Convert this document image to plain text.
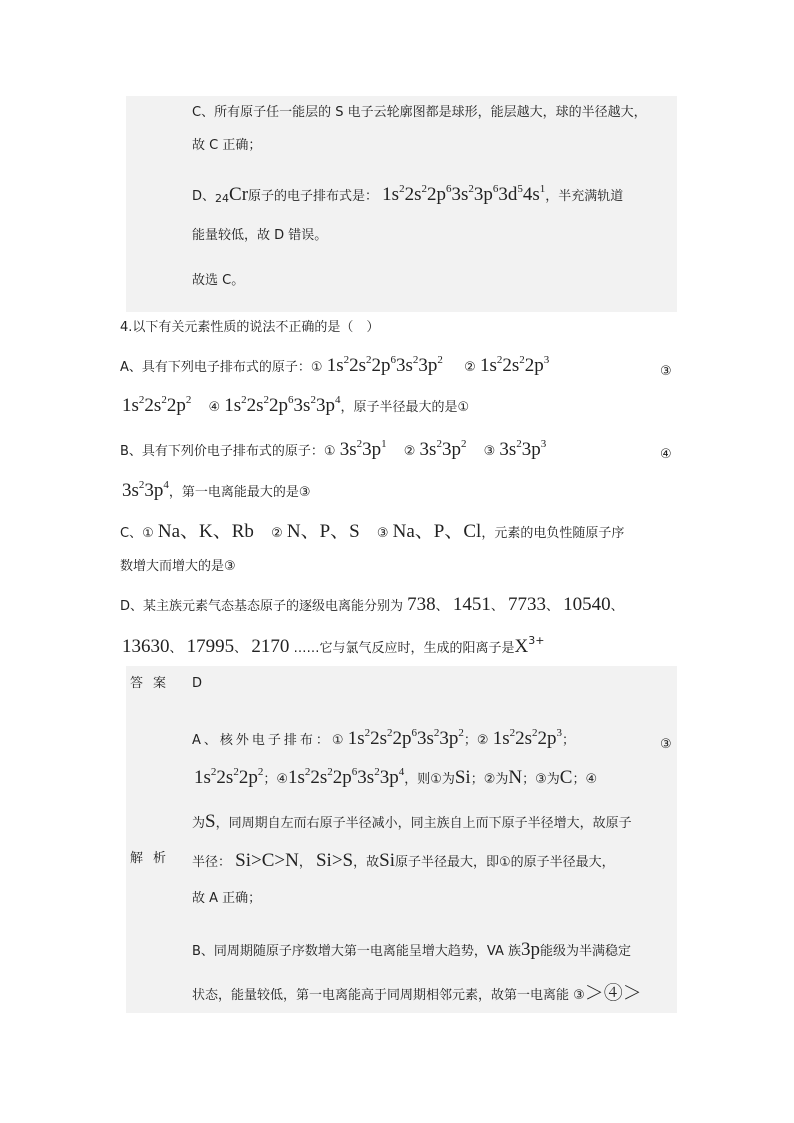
C、所有原子任一能层的 S 电子云轮廓图都是球形，能层越大，球的半径越大，
故 C 正确；
D、$_{24}$Cr原子的电子排布式是： $1s^22s^22p^63s^23p^63d^54s^1$，半充满轨道
能量较低，故 D 错误。
故选 C。
4.以下有关元素性质的说法不正确的是（　）
A、具有下列电子排布式的原子：① $1s^22s^22p^63s^23p^2$ 　 ② $1s^22s^22p^3$
③
$1s^22s^22p^2$ 　④ $1s^22s^22p^63s^23p^4$，原子半径最大的是①
B、具有下列价电子排布式的原子：① $3s^23p^1$ 　② $3s^23p^2$ 　③ $3s^23p^3$
④
$3s^23p^4$，第一电离能最大的是③
C、① Na、K、Rb 　② N、P、S 　③ Na、P、Cl，元素的电负性随原子序
数增大而增大的是③
D、某主族元素气态基态原子的逐级电离能分别为 738、 1451、 7733、 10540、
13630、 17995、 2170 ……它与氯气反应时，生成的阳离子是$X^{3+}$
答案 D
解析
A、核外电子排布：① $1s^22s^22p^63s^23p^2$；② $1s^22s^22p^3$；	③
$1s^22s^22p^2$；$④1s^22s^22p^63s^23p^4$，则①为Si；②为N；③为C；④
为S，同周期自左而右原子半径减小，同主族自上而下原子半径增大，故原子
半径： Si>C>N， Si>S，故Si原子半径最大，即①的原子半径最大，
故 A 正确；
B、同周期随原子序数增大第一电离能呈增大趋势，VA 族3p能级为半满稳定
状态，能量较低，第一电离能高于同周期相邻元素，故第一电离能 ③＞④＞
